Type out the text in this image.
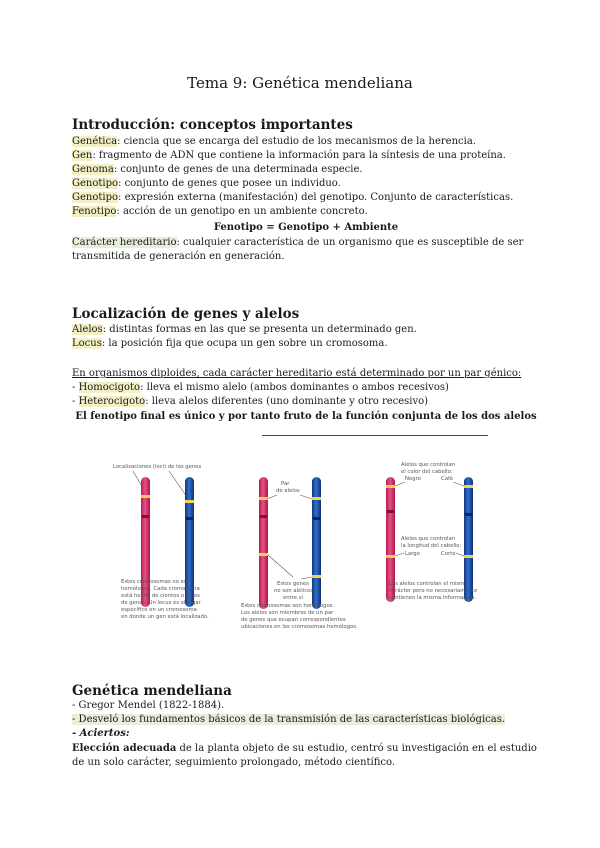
Tema 9: Genética mendeliana
Introducción: conceptos importantes
Genética: ciencia que se encarga del estudio de los mecanismos de la herencia.
Gen: fragmento de ADN que contiene la información para la síntesis de una proteína.
Genoma: conjunto de genes de una determinada especie.
Genotipo: conjunto de genes que posee un individuo.
Genotipo: expresión externa (manifestación) del genotipo. Conjunto de características.
Fenotipo: acción de un genotipo en un ambiente concreto.
Fenotipo = Genotipo + Ambiente
Carácter hereditario: cualquier característica de un organismo que es susceptible de ser transmitida de generación en generación.
Localización de genes y alelos
Alelos: distintas formas en las que se presenta un determinado gen.
Locus: la posición fija que ocupa un gen sobre un cromosoma.
En organismos diploides, cada carácter hereditario está determinado por un par génico:
- Homocigoto: lleva el mismo alelo (ambos dominantes o ambos recesivos)
- Heterocigoto: lleva alelos diferentes (uno dominante y otro recesivo)
El fenotipo final es único y por tanto fruto de la función conjunta de los dos alelos
Localizaciones (loci) de los genes
Estos cromosomas no son
homólogos. Cada cromosoma
está hecho de cientos o miles
de genes. Un locus es el lugar
específico en un cromosoma
en donde un gen está localizado.
Par
de alelos
Estos genes
no son alélicos
entre sí
Estos cromosomas son homólogos.
Los alelos son miembros de un par
de genes que ocupan correspondientes
ubicaciones en los cromosomas homólogos.
Alelos que controlan
el color del cabello:
Negro	Café
Alelos que controlan
la longitud del cabello:
Largo	Corto
Los alelos controlan el mismo
carácter pero no necesariamente
contienen la misma información.
Genética mendeliana
- Gregor Mendel (1822-1884).
- Desveló los fundamentos básicos de la transmisión de las características biológicas.
- Aciertos:
Elección adecuada de la planta objeto de su estudio, centró su investigación en el estudio de un solo carácter, seguimiento prolongado, método científico.
